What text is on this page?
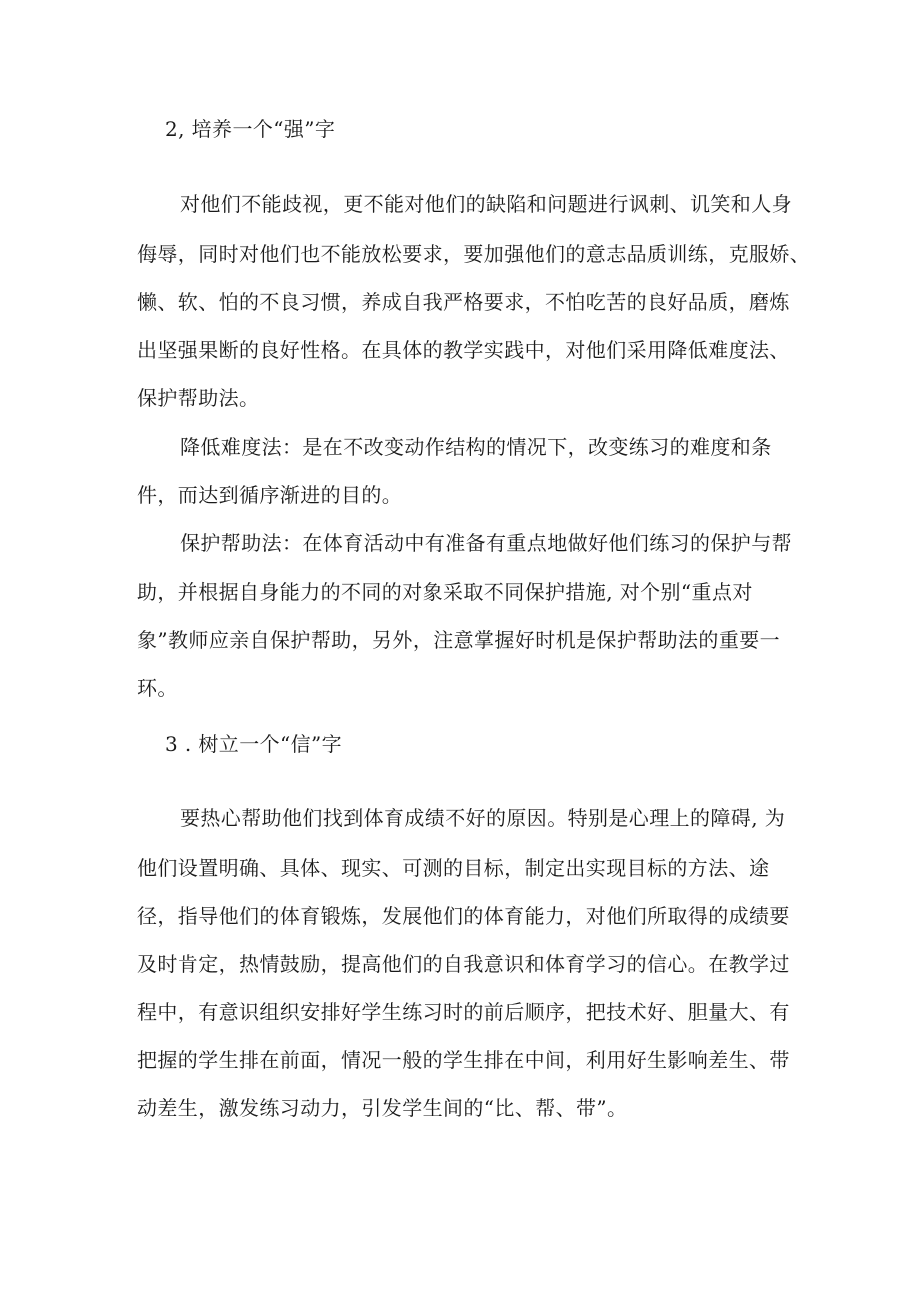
2, 培养一个“强”字
对他们不能歧视，更不能对他们的缺陷和问题进行讽刺、讥笑和人身
侮辱，同时对他们也不能放松要求，要加强他们的意志品质训练，克服娇、
懒、软、怕的不良习惯，养成自我严格要求，不怕吃苦的良好品质，磨炼
出坚强果断的良好性格。在具体的教学实践中，对他们采用降低难度法、
保护帮助法。
降低难度法：是在不改变动作结构的情况下，改变练习的难度和条
件，而达到循序渐进的目的。
保护帮助法：在体育活动中有准备有重点地做好他们练习的保护与帮
助，并根据自身能力的不同的对象采取不同保护措施, 对个别“重点对
象”教师应亲自保护帮助，另外，注意掌握好时机是保护帮助法的重要一
环。
3 . 树立一个“信”字
要热心帮助他们找到体育成绩不好的原因。特别是心理上的障碍, 为
他们设置明确、具体、现实、可测的目标，制定出实现目标的方法、途
径，指导他们的体育锻炼，发展他们的体育能力，对他们所取得的成绩要
及时肯定，热情鼓励，提高他们的自我意识和体育学习的信心。在教学过
程中，有意识组织安排好学生练习时的前后顺序，把技术好、胆量大、有
把握的学生排在前面，情况一般的学生排在中间，利用好生影响差生、带
动差生，激发练习动力，引发学生间的“比、帮、带”。
